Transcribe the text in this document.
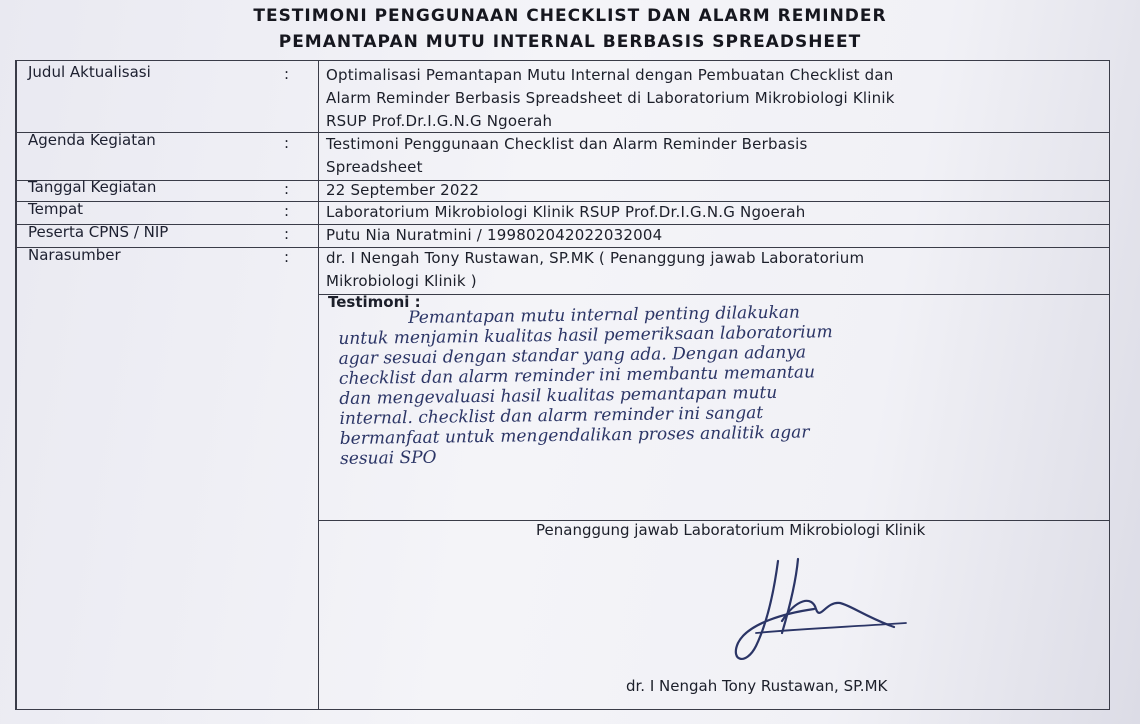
TESTIMONI PENGGUNAAN CHECKLIST DAN ALARM REMINDER
PEMANTAPAN MUTU INTERNAL BERBASIS SPREADSHEET
Judul Aktualisasi	: Optimalisasi Pemantapan Mutu Internal dengan Pembuatan Checklist dan
Alarm Reminder Berbasis Spreadsheet di Laboratorium Mikrobiologi Klinik
RSUP Prof.Dr.I.G.N.G Ngoerah
Agenda Kegiatan	: Testimoni Penggunaan Checklist dan Alarm Reminder Berbasis
Spreadsheet
Tanggal Kegiatan	: 22 September 2022
Tempat	: Laboratorium Mikrobiologi Klinik RSUP Prof.Dr.I.G.N.G Ngoerah
Peserta CPNS / NIP	: Putu Nia Nuratmini / 199802042022032004
Narasumber	: dr. I Nengah Tony Rustawan, SP.MK ( Penanggung jawab Laboratorium
Mikrobiologi Klinik )
Testimoni :
Pemantapan mutu internal penting dilakukan
untuk menjamin kualitas hasil pemeriksaan laboratorium
agar sesuai dengan standar yang ada. Dengan adanya
checklist dan alarm reminder ini membantu memantau
dan mengevaluasi hasil kualitas pemantapan mutu
internal. checklist dan alarm reminder ini sangat
bermanfaat untuk mengendalikan proses analitik agar
sesuai SPO
Penanggung jawab Laboratorium Mikrobiologi Klinik
dr. I Nengah Tony Rustawan, SP.MK
